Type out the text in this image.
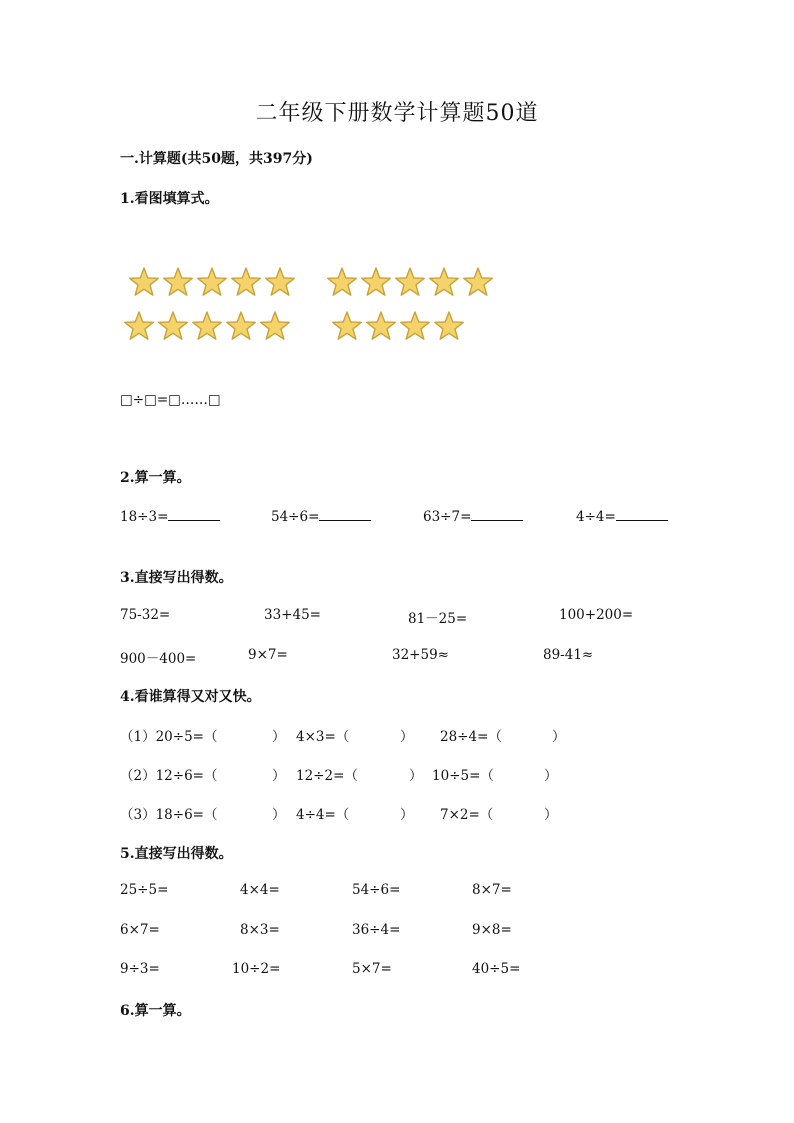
二年级下册数学计算题50道
一.计算题(共50题，共397分)
1.看图填算式。
□÷□=□……□
2.算一算。
18÷3=	54÷6=	63÷7=	4÷4=
3.直接写出得数。
75-32=	33+45=	81－25=	100+200=
900－400=	9×7=	32+59≈	89-41≈
4.看谁算得又对又快。
（1）20÷5=（	） 4×3=（	） 28÷4=（	）
（2）12÷6=（	） 12÷2=（	） 10÷5=（	）
（3）18÷6=（	） 4÷4=（	） 7×2=（	）
5.直接写出得数。
25÷5=	4×4=	54÷6=	8×7=
6×7=	8×3=	36÷4=	9×8=
9÷3=	10÷2=	5×7=	40÷5=
6.算一算。
